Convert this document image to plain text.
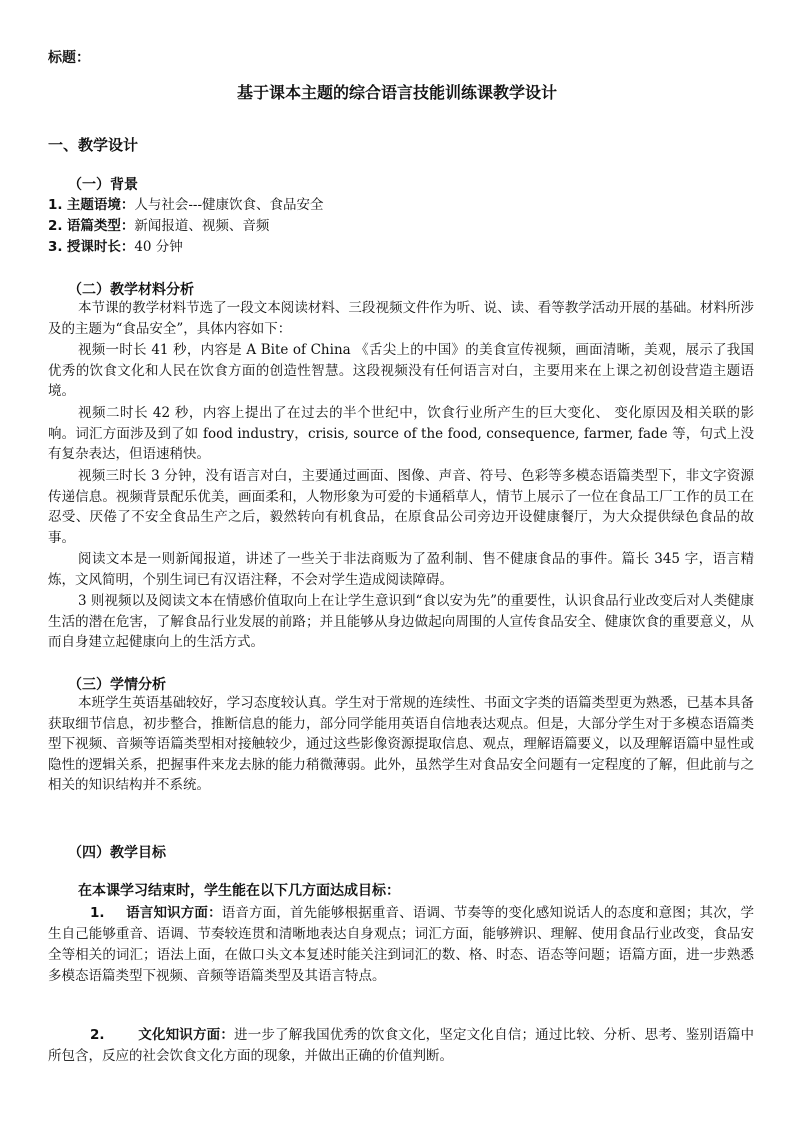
标题：
基于课本主题的综合语言技能训练课教学设计
一、教学设计
（一）背景
1. 主题语境：人与社会---健康饮食、食品安全
2. 语篇类型：新闻报道、视频、音频
3. 授课时长：40 分钟
（二）教学材料分析
本节课的教学材料节选了一段文本阅读材料、三段视频文件作为听、说、读、看等教学活动开展的基础。材料所涉及的主题为“食品安全”，具体内容如下：
视频一时长 41 秒，内容是 A Bite of China 《舌尖上的中国》的美食宣传视频，画面清晰，美观，展示了我国优秀的饮食文化和人民在饮食方面的创造性智慧。这段视频没有任何语言对白，主要用来在上课之初创设营造主题语境。
视频二时长 42 秒，内容上提出了在过去的半个世纪中，饮食行业所产生的巨大变化、 变化原因及相关联的影响。词汇方面涉及到了如 food industry，crisis, source of the food, consequence, farmer, fade 等，句式上没有复杂表达，但语速稍快。
视频三时长 3 分钟，没有语言对白，主要通过画面、图像、声音、符号、色彩等多模态语篇类型下，非文字资源传递信息。视频背景配乐优美，画面柔和，人物形象为可爱的卡通稻草人，情节上展示了一位在食品工厂工作的员工在忍受、厌倦了不安全食品生产之后，毅然转向有机食品，在原食品公司旁边开设健康餐厅，为大众提供绿色食品的故事。
阅读文本是一则新闻报道，讲述了一些关于非法商贩为了盈利制、售不健康食品的事件。篇长 345 字，语言精炼，文风简明，个别生词已有汉语注释，不会对学生造成阅读障碍。
3 则视频以及阅读文本在情感价值取向上在让学生意识到“食以安为先”的重要性，认识食品行业改变后对人类健康生活的潜在危害，了解食品行业发展的前路；并且能够从身边做起向周围的人宣传食品安全、健康饮食的重要意义，从而自身建立起健康向上的生活方式。
（三）学情分析
本班学生英语基础较好，学习态度较认真。学生对于常规的连续性、书面文字类的语篇类型更为熟悉，已基本具备获取细节信息，初步整合，推断信息的能力，部分同学能用英语自信地表达观点。但是，大部分学生对于多模态语篇类型下视频、音频等语篇类型相对接触较少，通过这些影像资源提取信息、观点，理解语篇要义，以及理解语篇中显性或隐性的逻辑关系，把握事件来龙去脉的能力稍微薄弱。此外，虽然学生对食品安全问题有一定程度的了解，但此前与之相关的知识结构并不系统。
（四）教学目标
在本课学习结束时，学生能在以下几方面达成目标：
1. 语言知识方面：语音方面，首先能够根据重音、语调、节奏等的变化感知说话人的态度和意图；其次，学生自己能够重音、语调、节奏较连贯和清晰地表达自身观点；词汇方面，能够辨识、理解、使用食品行业改变，食品安全等相关的词汇；语法上面，在做口头文本复述时能关注到词汇的数、格、时态、语态等问题；语篇方面，进一步熟悉多模态语篇类型下视频、音频等语篇类型及其语言特点。
2. 文化知识方面：进一步了解我国优秀的饮食文化，坚定文化自信；通过比较、分析、思考、鉴别语篇中所包含，反应的社会饮食文化方面的现象，并做出正确的价值判断。
